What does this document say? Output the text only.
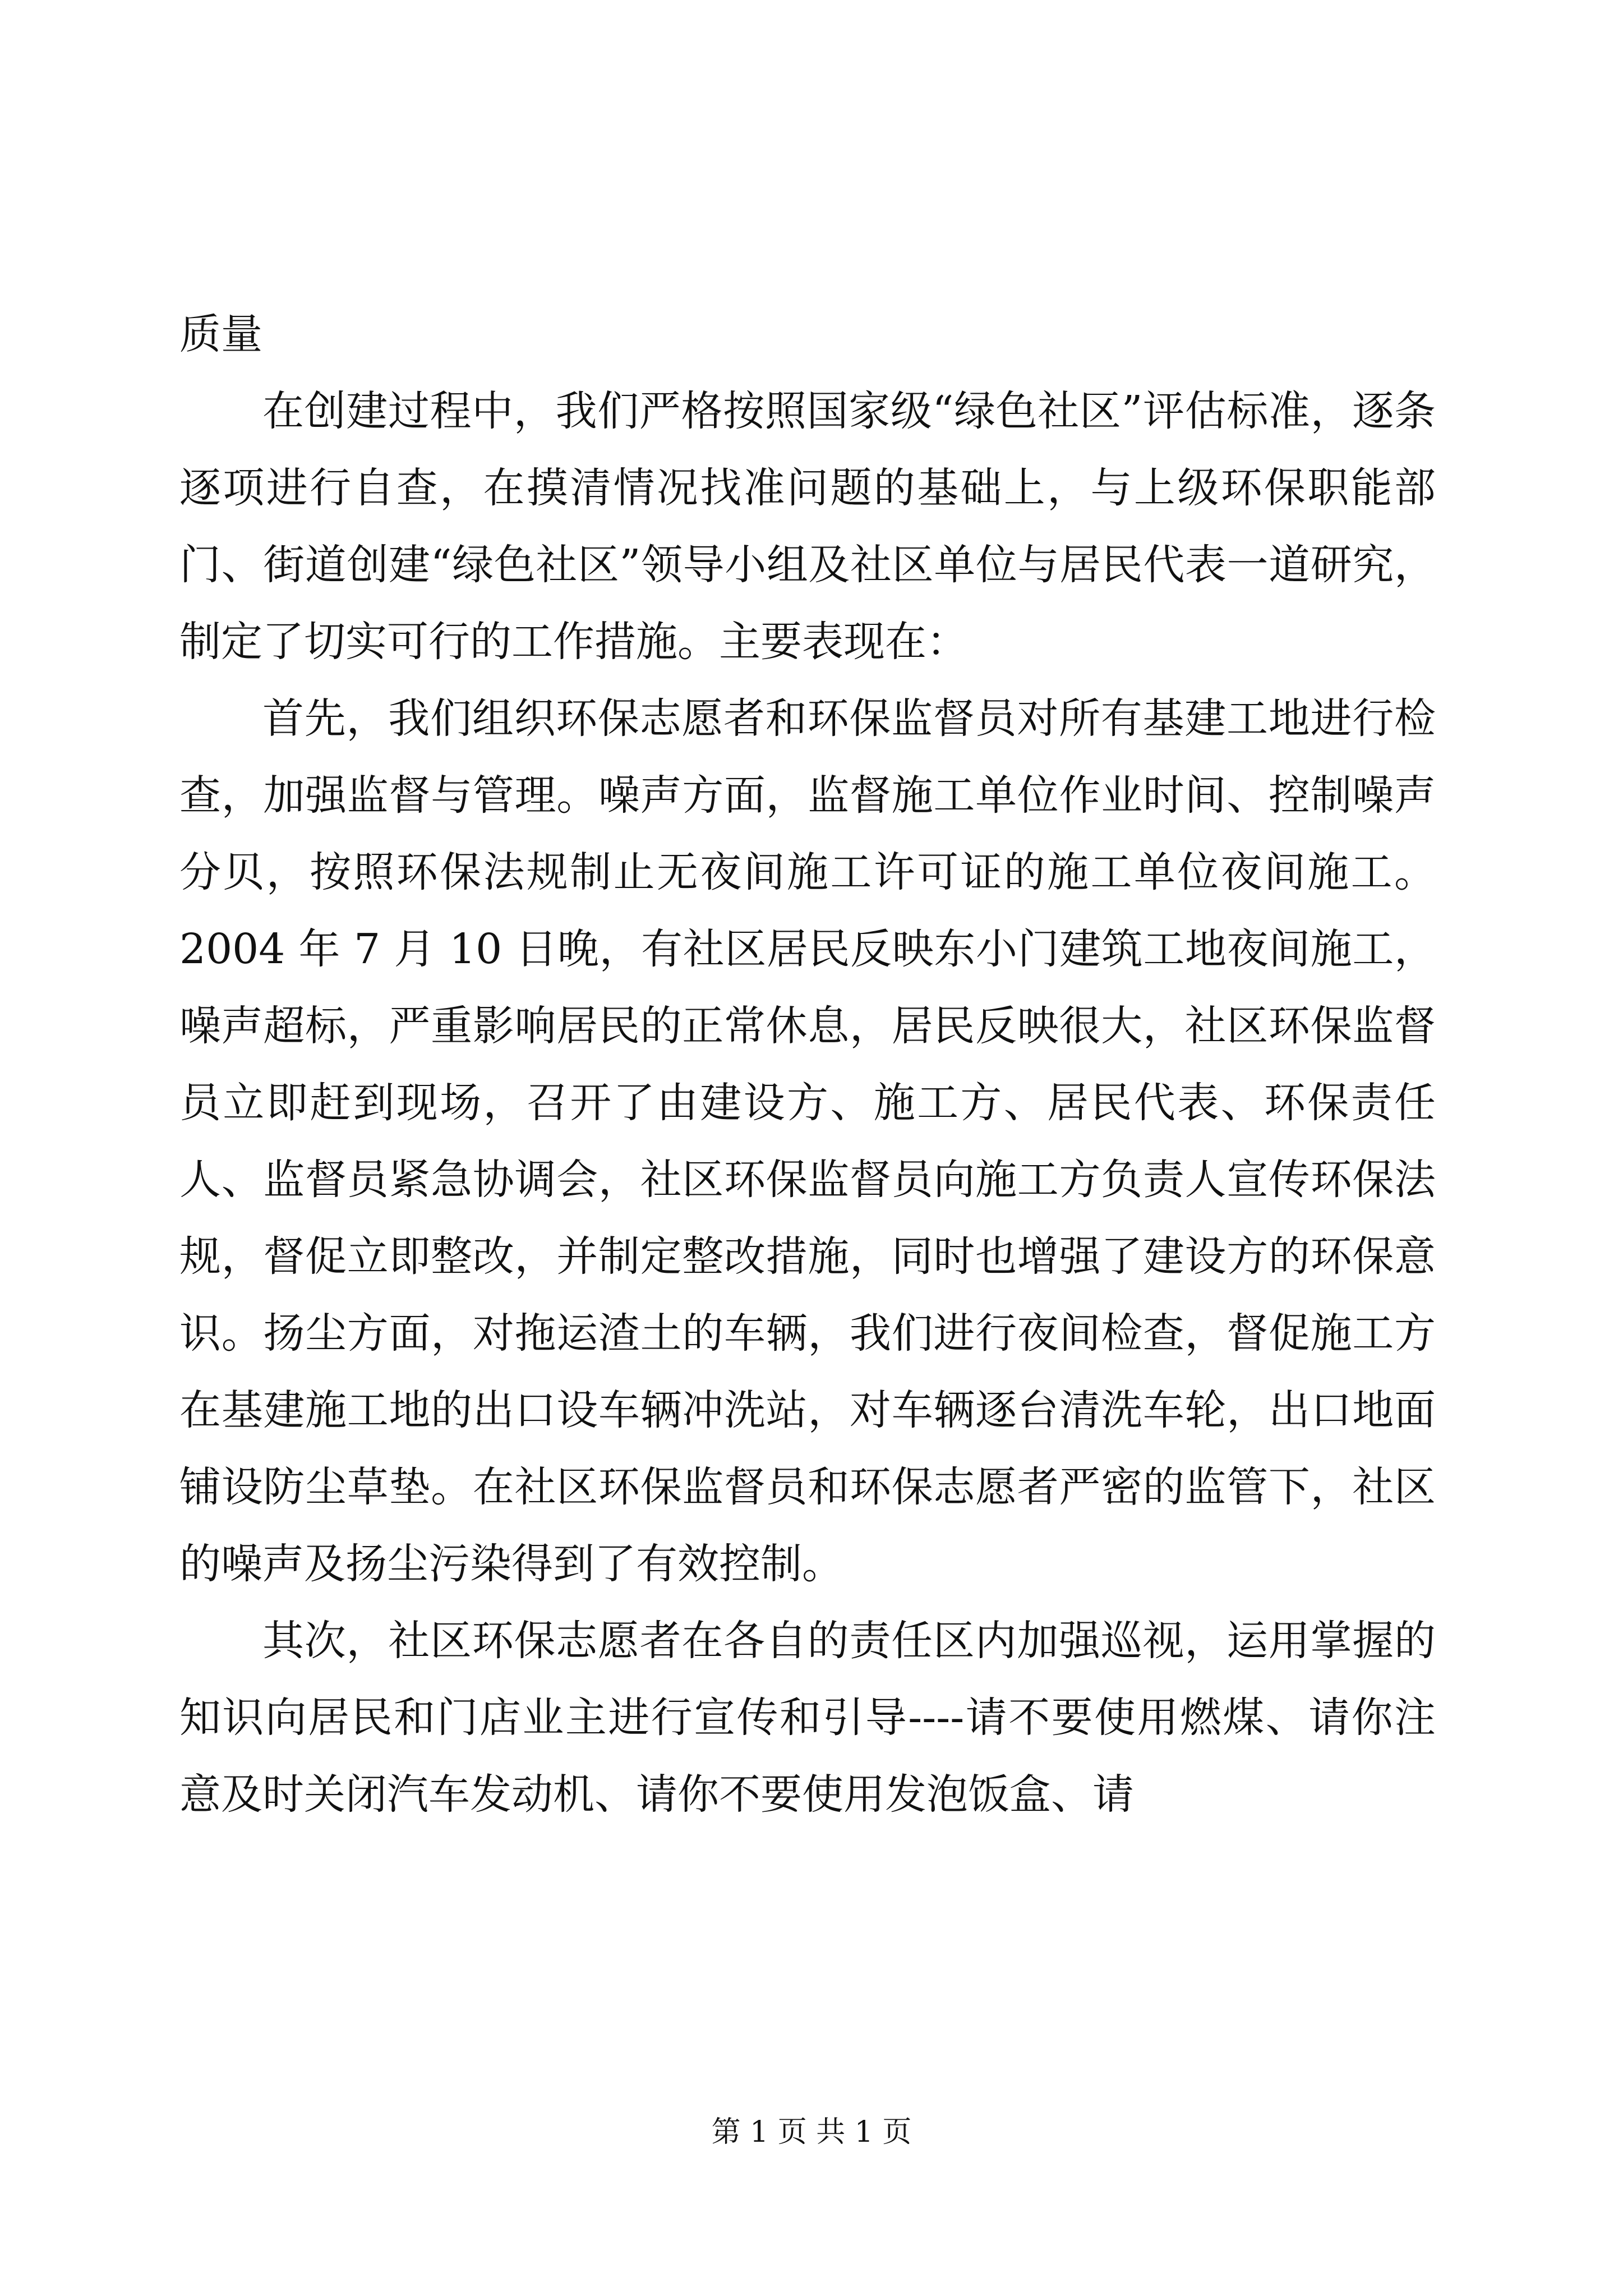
质量

在创建过程中，我们严格按照国家级“绿色社区”评估标准，逐条逐项进行自查，在摸清情况找准问题的基础上，与上级环保职能部门、街道创建“绿色社区”领导小组及社区单位与居民代表一道研究，制定了切实可行的工作措施。主要表现在：

首先，我们组织环保志愿者和环保监督员对所有基建工地进行检查，加强监督与管理。噪声方面，监督施工单位作业时间、控制噪声分贝，按照环保法规制止无夜间施工许可证的施工单位夜间施工。2004 年 7 月 10 日晚，有社区居民反映东小门建筑工地夜间施工，噪声超标，严重影响居民的正常休息，居民反映很大，社区环保监督员立即赶到现场，召开了由建设方、施工方、居民代表、环保责任人、监督员紧急协调会，社区环保监督员向施工方负责人宣传环保法规，督促立即整改，并制定整改措施，同时也增强了建设方的环保意识。扬尘方面，对拖运渣土的车辆，我们进行夜间检查，督促施工方在基建施工地的出口设车辆冲洗站，对车辆逐台清洗车轮，出口地面铺设防尘草垫。在社区环保监督员和环保志愿者严密的监管下，社区的噪声及扬尘污染得到了有效控制。

其次，社区环保志愿者在各自的责任区内加强巡视，运用掌握的知识向居民和门店业主进行宣传和引导----请不要使用燃煤、请你注意及时关闭汽车发动机、请你不要使用发泡饭盒、请

第 1 页 共 1 页
